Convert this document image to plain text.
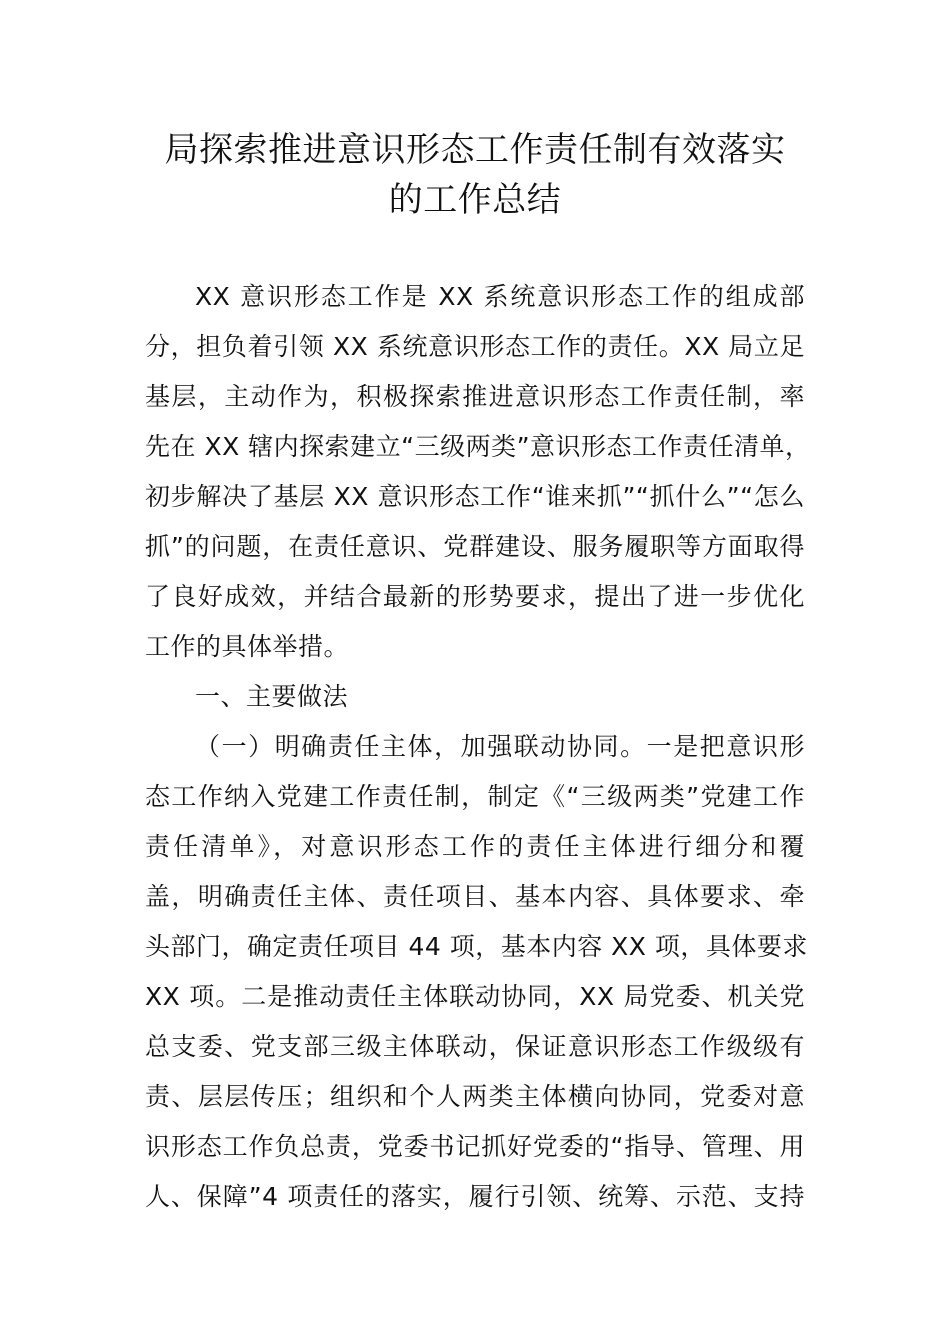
局探索推进意识形态工作责任制有效落实
的工作总结
XX 意识形态工作是 XX 系统意识形态工作的组成部
分，担负着引领 XX 系统意识形态工作的责任。XX 局立足
基层，主动作为，积极探索推进意识形态工作责任制，率
先在 XX 辖内探索建立“三级两类”意识形态工作责任清单，
初步解决了基层 XX 意识形态工作“谁来抓”“抓什么”“怎么
抓”的问题，在责任意识、党群建设、服务履职等方面取得
了良好成效，并结合最新的形势要求，提出了进一步优化
工作的具体举措。
一、主要做法
（一）明确责任主体，加强联动协同。一是把意识形
态工作纳入党建工作责任制，制定《“三级两类”党建工作
责任清单》，对意识形态工作的责任主体进行细分和覆
盖，明确责任主体、责任项目、基本内容、具体要求、牵
头部门，确定责任项目 44 项，基本内容 XX 项，具体要求
XX 项。二是推动责任主体联动协同，XX 局党委、机关党
总支委、党支部三级主体联动，保证意识形态工作级级有
责、层层传压；组织和个人两类主体横向协同，党委对意
识形态工作负总责，党委书记抓好党委的“指导、管理、用
人、保障”4 项责任的落实，履行引领、统筹、示范、支持
